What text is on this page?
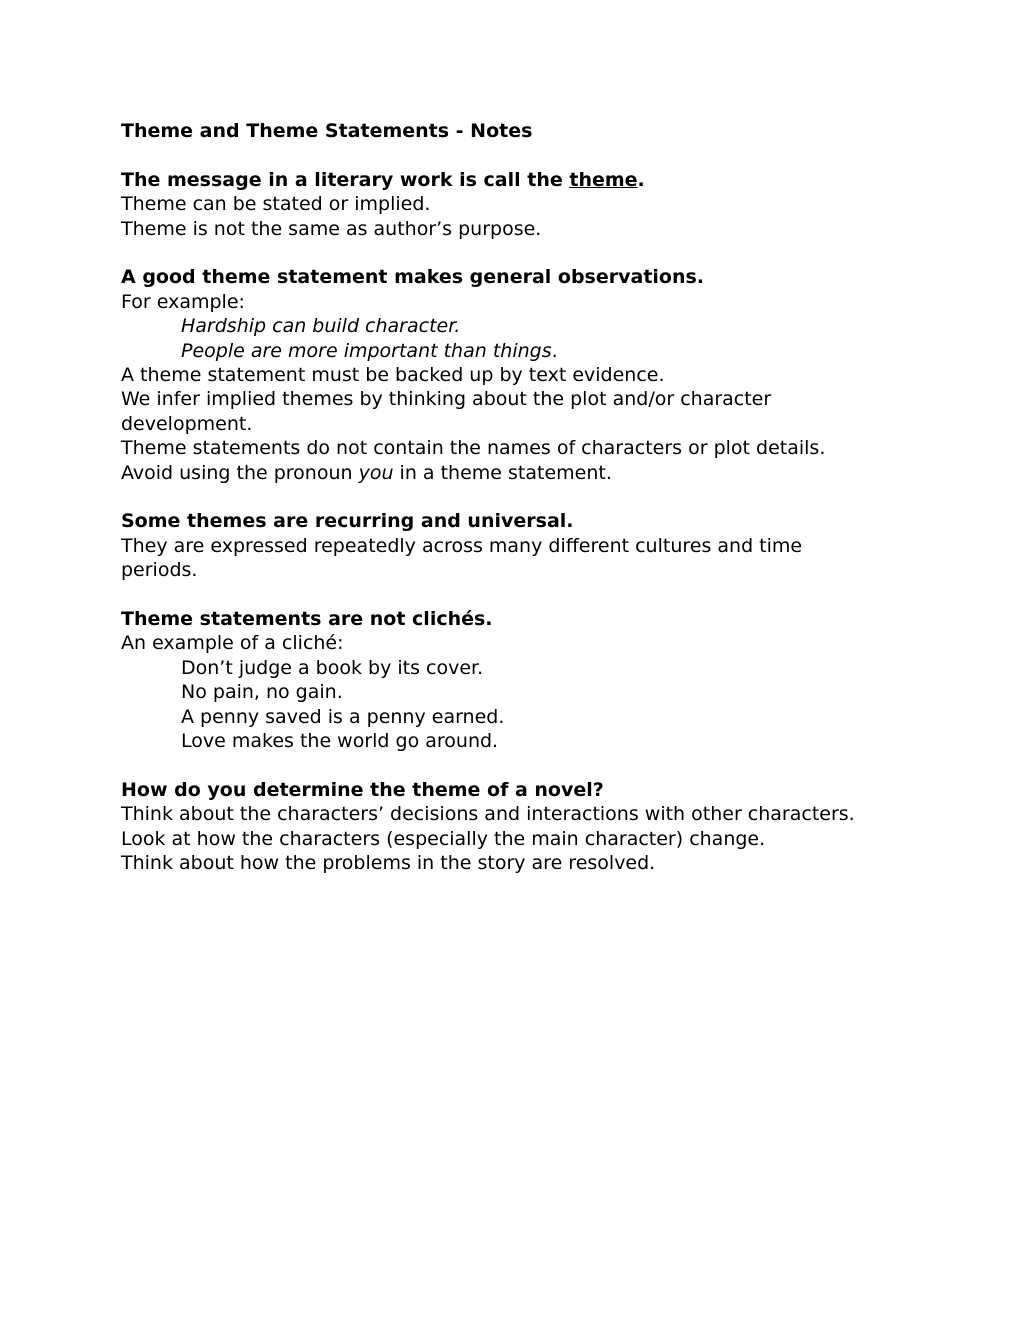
Theme and Theme Statements - Notes
The message in a literary work is call the theme.
Theme can be stated or implied.
Theme is not the same as author’s purpose.
A good theme statement makes general observations.
For example:
Hardship can build character.
People are more important than things.
A theme statement must be backed up by text evidence.
We infer implied themes by thinking about the plot and/or character development.
Theme statements do not contain the names of characters or plot details.
Avoid using the pronoun you in a theme statement.
Some themes are recurring and universal.
They are expressed repeatedly across many different cultures and time periods.
Theme statements are not clichés.
An example of a cliché:
Don’t judge a book by its cover.
No pain, no gain.
A penny saved is a penny earned.
Love makes the world go around.
How do you determine the theme of a novel?
Think about the characters’ decisions and interactions with other characters.
Look at how the characters (especially the main character) change.
Think about how the problems in the story are resolved.
